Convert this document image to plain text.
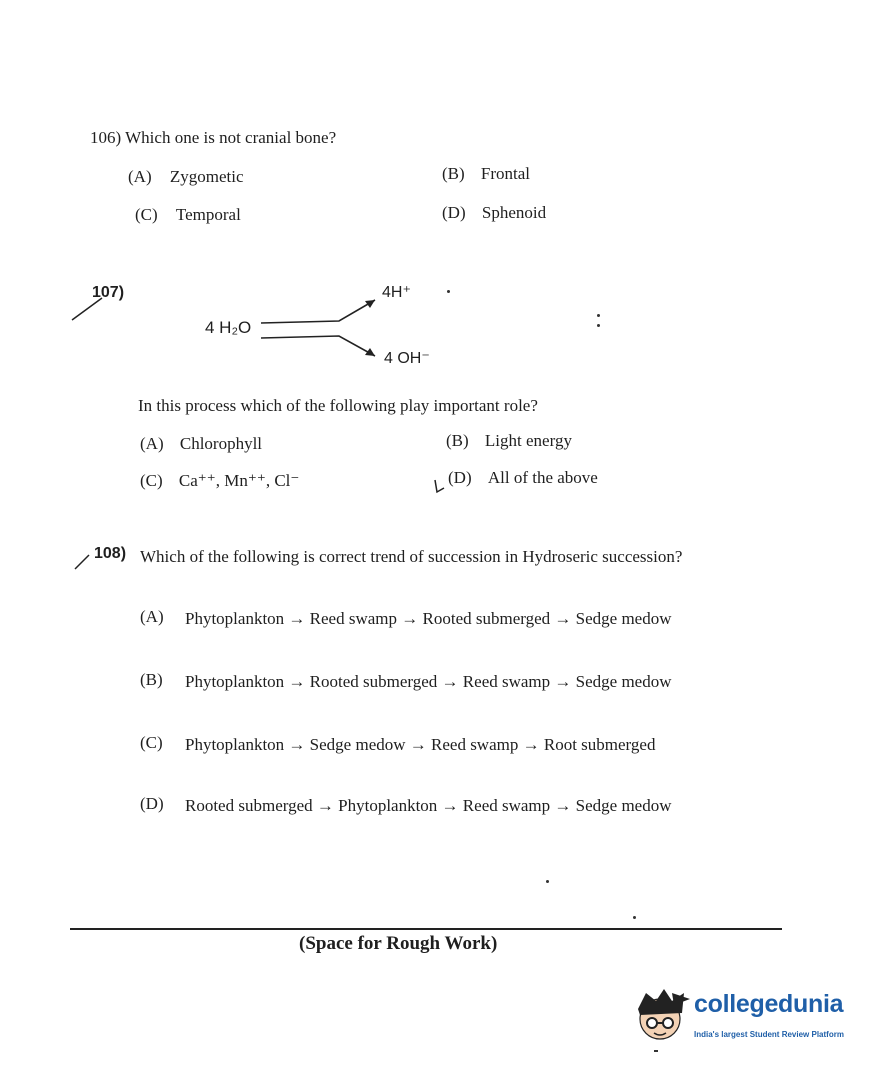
106) Which one is not cranial bone?
(A) Zygometic	(B) Frontal
(C) Temporal	(D) Sphenoid
107)
4 H₂O
4H⁺
4 OH⁻
In this process which of the following play important role?
(A) Chlorophyll	(B) Light energy
(C) Ca⁺⁺, Mn⁺⁺, Cl⁻	(D) All of the above
108) Which of the following is correct trend of succession in Hydroseric succession?
(A) Phytoplankton → Reed swamp → Rooted submerged → Sedge medow
(B) Phytoplankton → Rooted submerged → Reed swamp → Sedge medow
(C) Phytoplankton → Sedge medow → Reed swamp → Root submerged
(D) Rooted submerged → Phytoplankton → Reed swamp → Sedge medow
(Space for Rough Work)
collegedunia
India's largest Student Review Platform
